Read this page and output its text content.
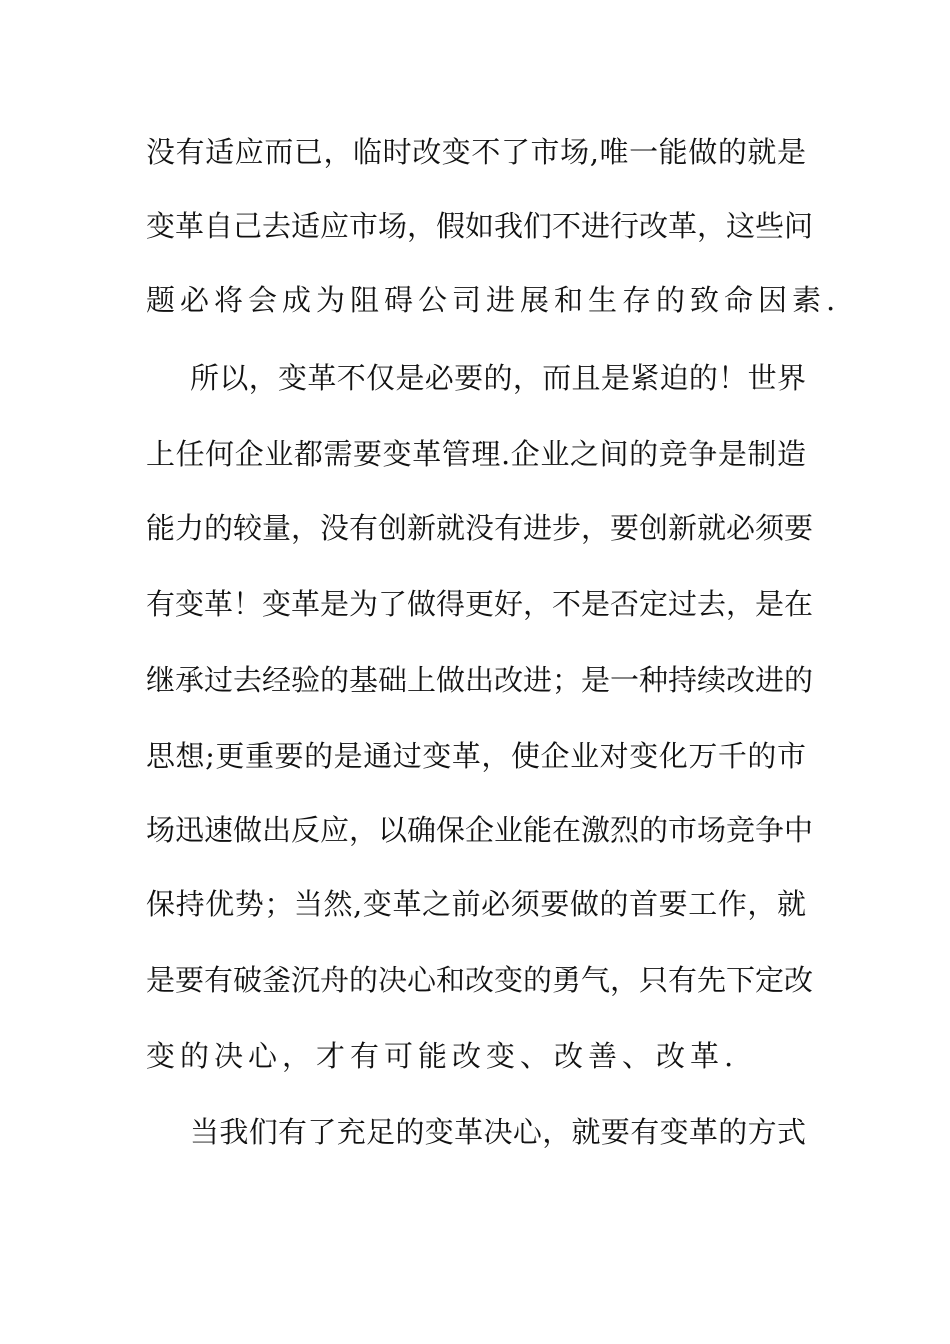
没有适应而已，临时改变不了市场,唯一能做的就是
变革自己去适应市场，假如我们不进行改革，这些问
题必将会成为阻碍公司进展和生存的致命因素.
所以，变革不仅是必要的，而且是紧迫的！世界
上任何企业都需要变革管理.企业之间的竞争是制造
能力的较量，没有创新就没有进步，要创新就必须要
有变革！变革是为了做得更好，不是否定过去，是在
继承过去经验的基础上做出改进；是一种持续改进的
思想;更重要的是通过变革，使企业对变化万千的市
场迅速做出反应，以确保企业能在激烈的市场竞争中
保持优势；当然,变革之前必须要做的首要工作，就
是要有破釜沉舟的决心和改变的勇气，只有先下定改
变的决心，才有可能改变、改善、改革.
当我们有了充足的变革决心，就要有变革的方式
